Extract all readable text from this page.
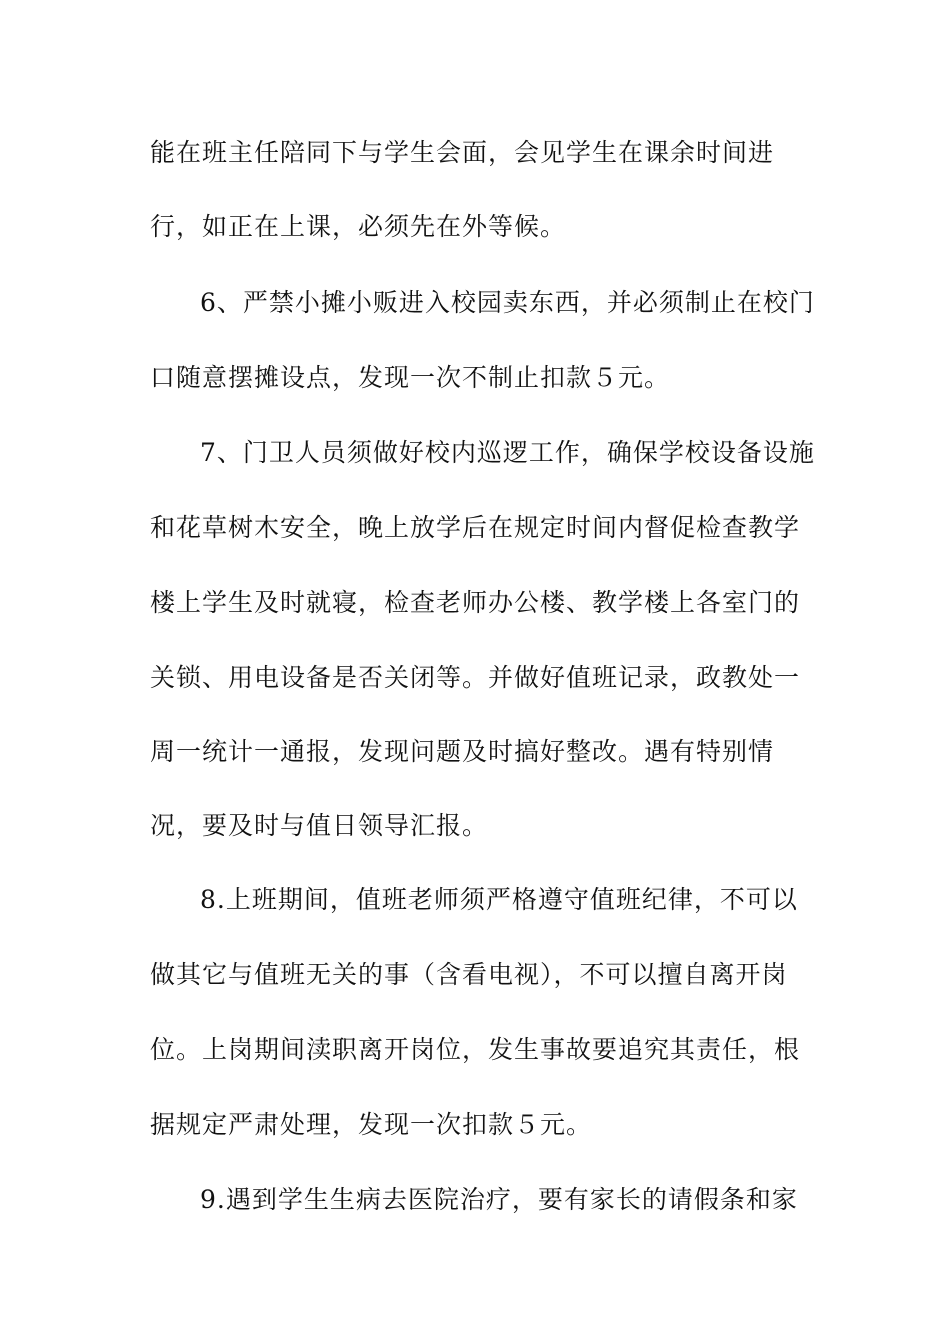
能在班主任陪同下与学生会面，会见学生在课余时间进
行，如正在上课，必须先在外等候。
6、严禁小摊小贩进入校园卖东西，并必须制止在校门
口随意摆摊设点，发现一次不制止扣款５元。
7、门卫人员须做好校内巡逻工作，确保学校设备设施
和花草树木安全，晚上放学后在规定时间内督促检查教学
楼上学生及时就寝，检查老师办公楼、教学楼上各室门的
关锁、用电设备是否关闭等。并做好值班记录，政教处一
周一统计一通报，发现问题及时搞好整改。遇有特别情
况，要及时与值日领导汇报。
8.上班期间，值班老师须严格遵守值班纪律，不可以
做其它与值班无关的事（含看电视），不可以擅自离开岗
位。上岗期间渎职离开岗位，发生事故要追究其责任，根
据规定严肃处理，发现一次扣款５元。
9.遇到学生生病去医院治疗，要有家长的请假条和家
